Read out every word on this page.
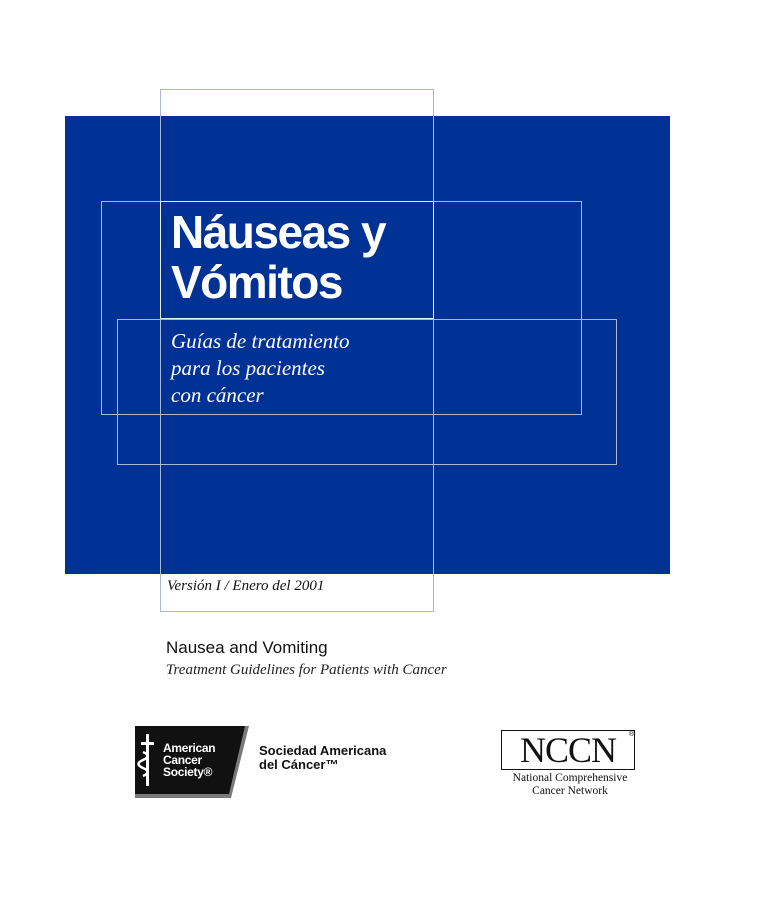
Náuseas y
Vómitos

Guías de tratamiento
para los pacientes
con cáncer

Versión I / Enero del 2001
Nausea and Vomiting
Treatment Guidelines for Patients with Cancer
American
Cancer
Society®
Sociedad Americana
del Cáncer™	NCCN	®
National Comprehensive
Cancer Network
